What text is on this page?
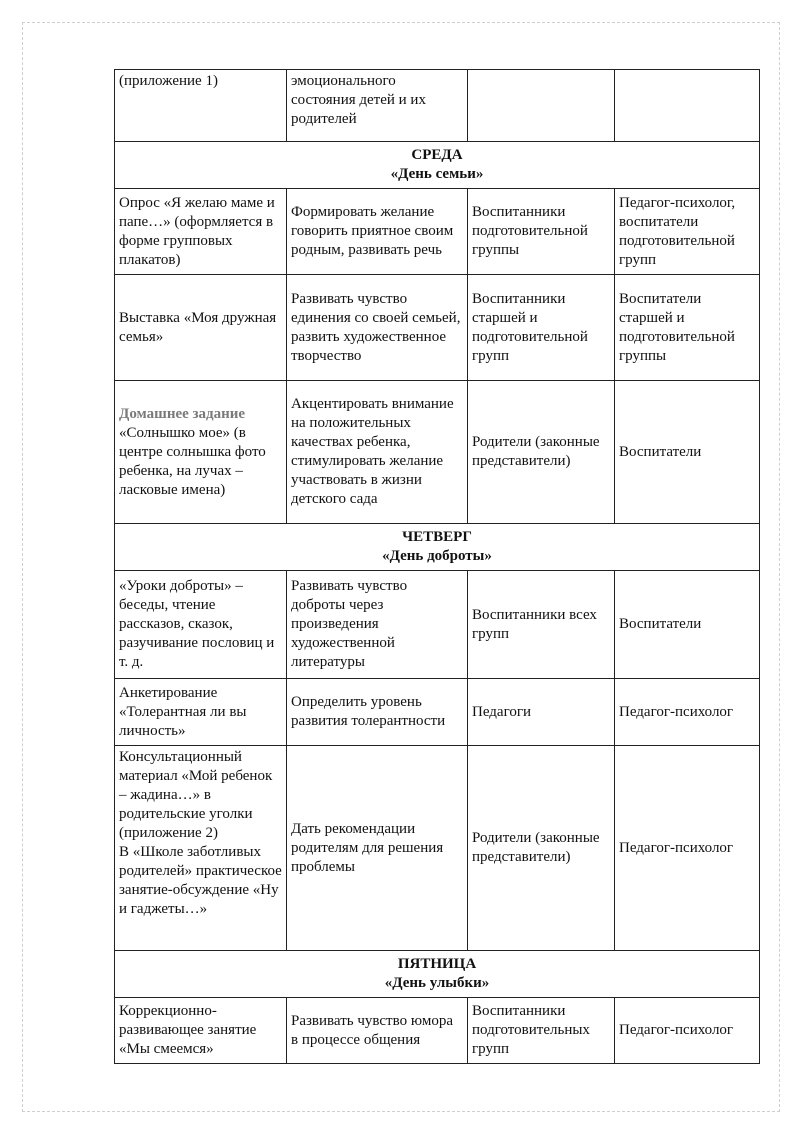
(приложение 1)	эмоционального состояния детей и их родителей		

СРЕДА
«День семьи»			

Опрос «Я желаю маме и папе…» (оформляется в форме групповых плакатов)	Формировать желание говорить приятное своим родным, развивать речь	Воспитанники подготовительной группы	Педагог-психолог, воспитатели подготовительной групп
Выставка «Моя дружная семья»	Развивать чувство единения со своей семьей, развить художественное творчество	Воспитанники старшей и подготовительной групп	Воспитатели старшей и подготовительной группы

Домашнее задание
«Солнышко мое» (в центре солнышка фото ребенка, на лучах – ласковые имена)	Акцентировать внимание на положительных качествах ребенка, стимулировать желание участвовать в жизни детского сада	Родители (законные представители)	Воспитатели

ЧЕТВЕРГ
«День доброты»			

«Уроки доброты» – беседы, чтение рассказов, сказок, разучивание пословиц и т. д.	Развивать чувство доброты через произведения художественной литературы	Воспитанники всех групп	Воспитатели
Анкетирование «Толерантная ли вы личность»	Определить уровень развития толерантности	Педагоги	Педагог-психолог

Консультационный материал «Мой ребенок – жадина…» в родительские уголки (приложение 2)
В «Школе заботливых родителей» практическое занятие-обсуждение «Ну и гаджеты…»	Дать рекомендации родителям для решения проблемы	Родители (законные представители)	Педагог-психолог

ПЯТНИЦА
«День улыбки»			

Коррекционно-развивающее занятие «Мы смеемся»	Развивать чувство юмора в процессе общения	Воспитанники подготовительных групп	Педагог-психолог
